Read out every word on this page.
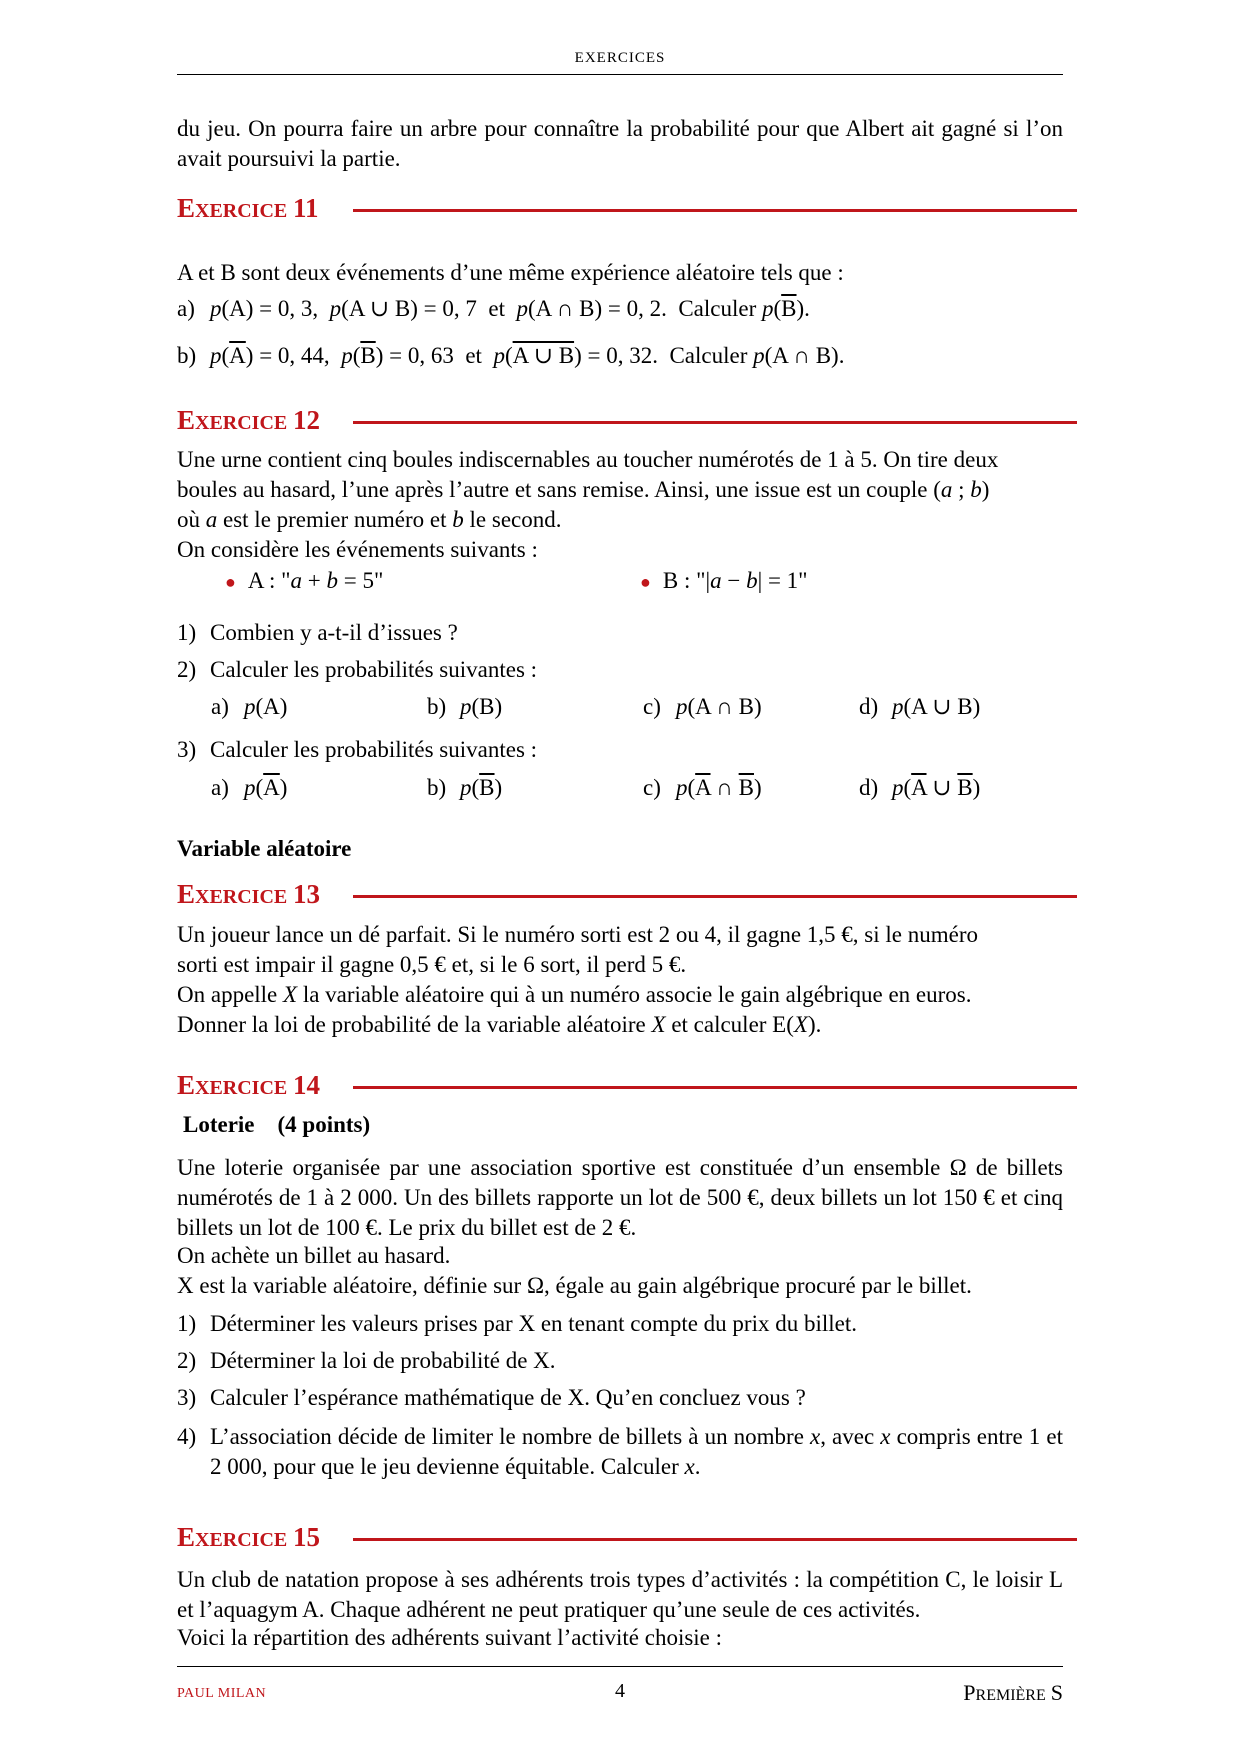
EXERCICES
du jeu. On pourra faire un arbre pour connaître la probabilité pour que Albert ait gagné si l’on avait poursuivi la partie.
EXERCICE 11
A et B sont deux événements d’une même expérience aléatoire tels que :
a) p(A) = 0, 3,  p(A ∪ B) = 0, 7  et  p(A ∩ B) = 0, 2.  Calculer $p(\overline{B})$.
b) $p(\overline{A}) = 0$, 44,  $p(\overline{B}) = 0$, 63  et  p(A ∪ B) = 0, 32.  Calculer p(A ∩ B).
EXERCICE 12
Une urne contient cinq boules indiscernables au toucher numérotés de 1 à 5. On tire deux
boules au hasard, l’une après l’autre et sans remise. Ainsi, une issue est un couple (a ; b)
où a est le premier numéro et b le second.
On considère les événements suivants :
● A : "a + b = 5"	● B : "|a − b| = 1"
1) Combien y a-t-il d’issues ?
2) Calculer les probabilités suivantes :
a) p(A)	b) p(B)	c) p(A ∩ B)	d) p(A ∪ B)
3) Calculer les probabilités suivantes :
a) $p(\overline{A})$	b) $p(\overline{B})$	c) $p(\overline{A}$ ∩ $\overline{B}$)	d) $p(\overline{A}$ ∪ $\overline{B}$)
Variable aléatoire
EXERCICE 13
Un joueur lance un dé parfait. Si le numéro sorti est 2 ou 4, il gagne 1,5 €, si le numéro
sorti est impair il gagne 0,5 € et, si le 6 sort, il perd 5 €.
On appelle X la variable aléatoire qui à un numéro associe le gain algébrique en euros.
Donner la loi de probabilité de la variable aléatoire X et calculer E(X).
EXERCICE 14
Loterie (4 points)
Une loterie organisée par une association sportive est constituée d’un ensemble Ω de billets numérotés de 1 à 2 000. Un des billets rapporte un lot de 500 €, deux billets un lot 150 € et cinq billets un lot de 100 €. Le prix du billet est de 2 €.
On achète un billet au hasard.
X est la variable aléatoire, définie sur Ω, égale au gain algébrique procuré par le billet.
1) Déterminer les valeurs prises par X en tenant compte du prix du billet.
2) Déterminer la loi de probabilité de X.
3) Calculer l’espérance mathématique de X. Qu’en concluez vous ?
4) L’association décide de limiter le nombre de billets à un nombre x, avec x compris entre 1 et 2 000, pour que le jeu devienne équitable. Calculer x.
EXERCICE 15
Un club de natation propose à ses adhérents trois types d’activités : la compétition C, le loisir L et l’aquagym A. Chaque adhérent ne peut pratiquer qu’une seule de ces activités.
Voici la répartition des adhérents suivant l’activité choisie :
PAUL MILAN	4	PREMIÈRE S
